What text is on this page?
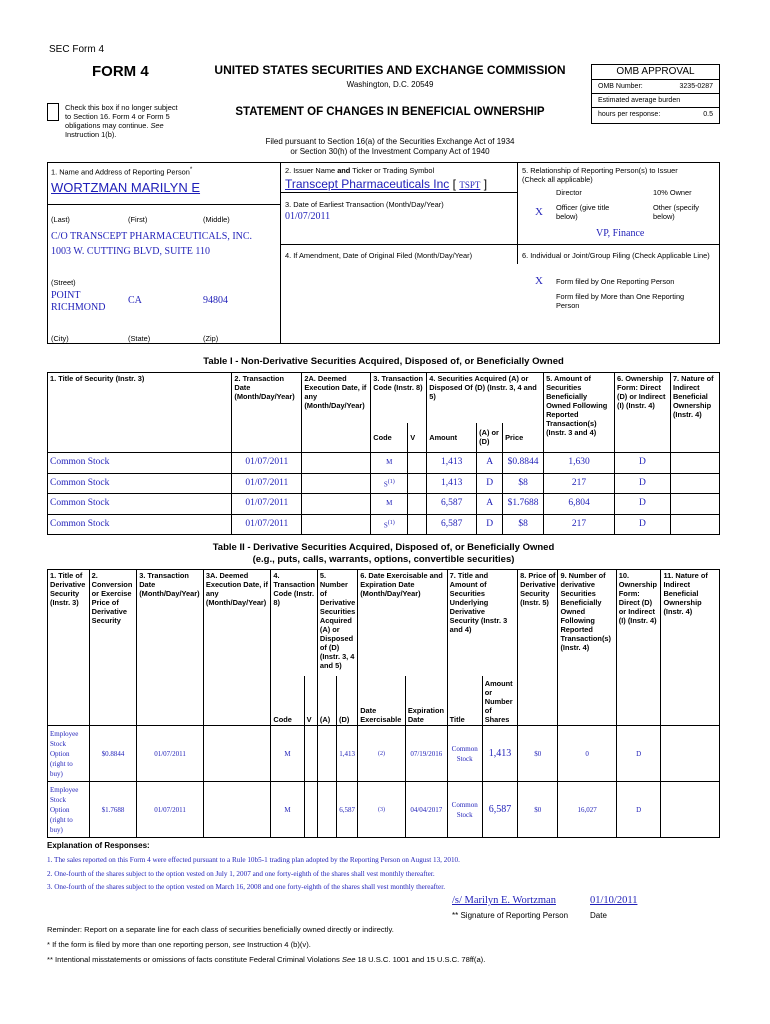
SEC Form 4
FORM 4	UNITED STATES SECURITIES AND EXCHANGE COMMISSION
Washington, D.C. 20549
Check this box if no longer subject
to Section 16. Form 4 or Form 5
obligations may continue. See
Instruction 1(b).
STATEMENT OF CHANGES IN BENEFICIAL OWNERSHIP
Filed pursuant to Section 16(a) of the Securities Exchange Act of 1934
or Section 30(h) of the Investment Company Act of 1940
OMB APPROVAL
OMB Number:	3235-0287
Estimated average burden
hours per response:	0.5
1. Name and Address of Reporting Person*
WORTZMAN MARILYN E
(Last)	(First)	(Middle)
C/O TRANSCEPT PHARMACEUTICALS, INC.
1003 W. CUTTING BLVD, SUITE 110
(Street)
POINT
RICHMOND
CA	94804
(City)	(State)	(Zip)
2. Issuer Name and Ticker or Trading Symbol
Transcept Pharmaceuticals Inc [ TSPT ]
3. Date of Earliest Transaction (Month/Day/Year)
01/07/2011
4. If Amendment, Date of Original Filed (Month/Day/Year)
5. Relationship of Reporting Person(s) to Issuer
(Check all applicable)
Director	10% Owner
X Officer (give title
below)
Other (specify
below)
VP, Finance
6. Individual or Joint/Group Filing (Check Applicable Line)
X Form filed by One Reporting Person
Form filed by More than One Reporting
Person
Table I - Non-Derivative Securities Acquired, Disposed of, or Beneficially Owned
1. Title of Security (Instr. 3)	2. Transaction Date (Month/Day/Year)	2A. Deemed Execution Date, if any (Month/Day/Year)	3. Transaction Code (Instr. 8)		4. Securities Acquired (A) or Disposed Of (D) (Instr. 3, 4 and 5)			5. Amount of Securities Beneficially Owned Following Reported Transaction(s) (Instr. 3 and 4)	6. Ownership Form: Direct (D) or Indirect (I) (Instr. 4)	7. Nature of Indirect Beneficial Ownership (Instr. 4)
			Code	V	Amount	(A) or (D)	Price			
Common Stock	01/07/2011		M		1,413	A	$0.8844	1,630	D	
Common Stock	01/07/2011		$S^{(1)}$		1,413	D	$8	217	D	
Common Stock	01/07/2011		M		6,587	A	$1.7688	6,804	D	
Common Stock	01/07/2011		$S^{(1)}$		6,587	D	$8	217	D	
Table II - Derivative Securities Acquired, Disposed of, or Beneficially Owned
(e.g., puts, calls, warrants, options, convertible securities)
1. Title of Derivative Security (Instr. 3)	2. Conversion or Exercise Price of Derivative Security	3. Transaction Date (Month/Day/Year)	3A. Deemed Execution Date, if any (Month/Day/Year)	4. Transaction Code (Instr. 8)		5. Number of Derivative Securities Acquired (A) or Disposed of (D) (Instr. 3, 4 and 5)		6. Date Exercisable and Expiration Date (Month/Day/Year)		7. Title and Amount of Securities Underlying Derivative Security (Instr. 3 and 4)		8. Price of Derivative Security (Instr. 5)	9. Number of derivative Securities Beneficially Owned Following Reported Transaction(s) (Instr. 4)	10. Ownership Form: Direct (D) or Indirect (I) (Instr. 4)	11. Nature of Indirect Beneficial Ownership (Instr. 4)
				Code	V	(A)	(D)	Date Exercisable	Expiration Date	Title	Amount or Number of Shares				
Employee Stock Option (right to buy)	$0.8844	01/07/2011		M			1,413	(2)	07/19/2016	Common Stock	1,413	$0	0	D	
Employee Stock Option (right to buy)	$1.7688	01/07/2011		M			6,587	(3)	04/04/2017	Common Stock	6,587	$0	16,027	D	
Explanation of Responses:
1. The sales reported on this Form 4 were effected pursuant to a Rule 10b5-1 trading plan adopted by the Reporting Person on August 13, 2010.
2. One-fourth of the shares subject to the option vested on July 1, 2007 and one forty-eighth of the shares shall vest monthly thereafter.
3. One-fourth of the shares subject to the option vested on March 16, 2008 and one forty-eighth of the shares shall vest monthly thereafter.
/s/ Marilyn E. Wortzman	01/10/2011
** Signature of Reporting Person	Date
Reminder: Report on a separate line for each class of securities beneficially owned directly or indirectly.
* If the form is filed by more than one reporting person, see Instruction 4 (b)(v).
** Intentional misstatements or omissions of facts constitute Federal Criminal Violations See 18 U.S.C. 1001 and 15 U.S.C. 78ff(a).
